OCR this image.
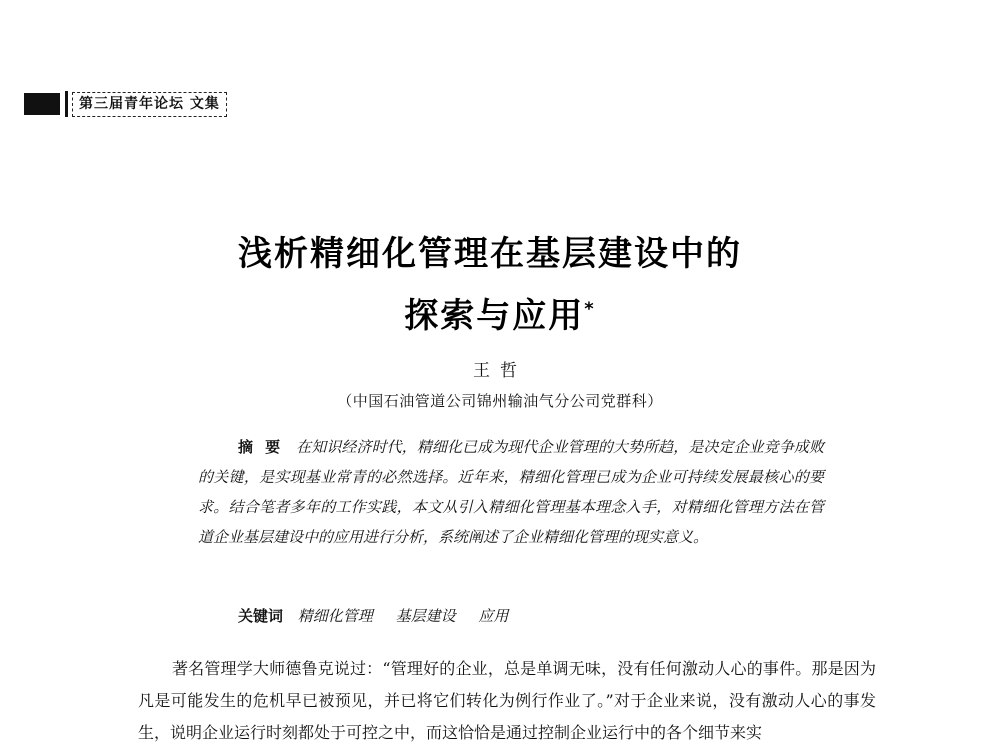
第三届青年论坛 文集
浅析精细化管理在基层建设中的
探索与应用*
王哲
（中国石油管道公司锦州输油气分公司党群科）
摘要 在知识经济时代，精细化已成为现代企业管理的大势所趋，是决定企业竞争成败的关键，是实现基业常青的必然选择。近年来，精细化管理已成为企业可持续发展最核心的要求。结合笔者多年的工作实践，本文从引入精细化管理基本理念入手，对精细化管理方法在管道企业基层建设中的应用进行分析，系统阐述了企业精细化管理的现实意义。
关键词 精细化管理 基层建设 应用

著名管理学大师德鲁克说过：“管理好的企业，总是单调无味，没有任何激动人心的事件。那是因为凡是可能发生的危机早已被预见，并已将它们转化为例行作业了。”对于企业来说，没有激动人心的事发生，说明企业运行时刻都处于可控之中，而这恰恰是通过控制企业运行中的各个细节来实
